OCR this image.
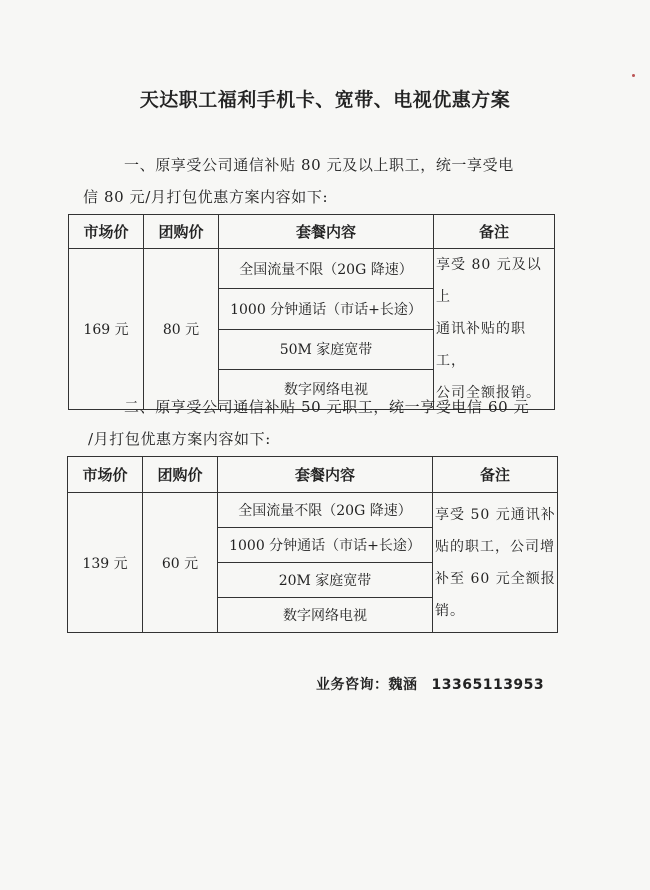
天达职工福利手机卡、宽带、电视优惠方案
一、原享受公司通信补贴 80 元及以上职工，统一享受电
信 80 元/月打包优惠方案内容如下:
市场价	团购价	套餐内容	备注
169 元	80 元	全国流量不限（20G 降速）	享受 80 元及以上
通讯补贴的职工，
公司全额报销。
		1000 分钟通话（市话+长途）	
		50M 家庭宽带	
		数字网络电视	
二、原享受公司通信补贴 50 元职工，统一享受电信 60 元
/月打包优惠方案内容如下:
市场价	团购价	套餐内容	备注
139 元	60 元	全国流量不限（20G 降速）	享受 50 元通讯补
贴的职工，公司增
补至 60 元全额报
销。
		1000 分钟通话（市话+长途）	
		20M 家庭宽带	
		数字网络电视	
业务咨询：魏涵 13365113953
